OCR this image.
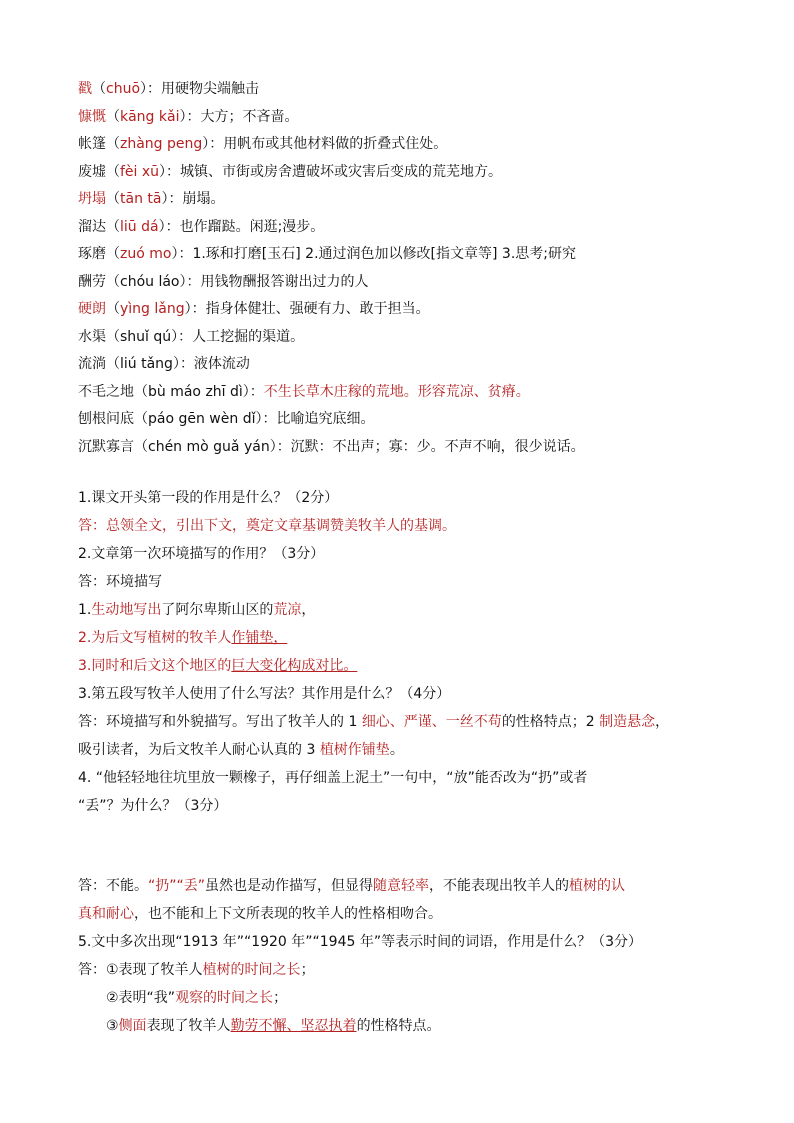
戳（chuō）：用硬物尖端触击
慷慨（kāng kǎi）：大方；不吝啬。
帐篷（zhàng peng）：用帆布或其他材料做的折叠式住处。
废墟（fèi xū）：城镇、市街或房舍遭破坏或灾害后变成的荒芜地方。
坍塌（tān tā）：崩塌。
溜达（liū dá）：也作蹓跶。闲逛;漫步。
琢磨（zuó mo）：1.琢和打磨[玉石] 2.通过润色加以修改[指文章等] 3.思考;研究
酬劳（chóu láo）：用钱物酬报答谢出过力的人
硬朗（yìng lǎng）：指身体健壮、强硬有力、敢于担当。
水渠（shuǐ qú）：人工挖掘的渠道。
流淌（liú tǎng）：液体流动
不毛之地（bù máo zhī dì）：不生长草木庄稼的荒地。形容荒凉、贫瘠。
刨根问底（páo gēn wèn dǐ）：比喻追究底细。
沉默寡言（chén mò guǎ yán）：沉默：不出声；寡：少。不声不响，很少说话。
1.课文开头第一段的作用是什么？（2分）
答：总领全文，引出下文，奠定文章基调赞美牧羊人的基调。
2.文章第一次环境描写的作用？（3分）
答：环境描写
1.生动地写出了阿尔卑斯山区的荒凉，
2.为后文写植树的牧羊人作铺垫，
3.同时和后文这个地区的巨大变化构成对比。
3.第五段写牧羊人使用了什么写法？其作用是什么？（4分）
答：环境描写和外貌描写。写出了牧羊人的 1 细心、严谨、一丝不苟的性格特点；2 制造悬念，
吸引读者，为后文牧羊人耐心认真的 3 植树作铺垫。
4. “他轻轻地往坑里放一颗橡子，再仔细盖上泥土”一句中，“放”能否改为“扔”或者
“丢”？为什么？（3分）
答：不能。“扔”“丢”虽然也是动作描写，但显得随意轻率，不能表现出牧羊人的植树的认
真和耐心，也不能和上下文所表现的牧羊人的性格相吻合。
5.文中多次出现“1913 年”“1920 年”“1945 年”等表示时间的词语，作用是什么？（3分）
答：①表现了牧羊人植树的时间之长；
②表明“我”观察的时间之长；
③侧面表现了牧羊人勤劳不懈、坚忍执着的性格特点。
